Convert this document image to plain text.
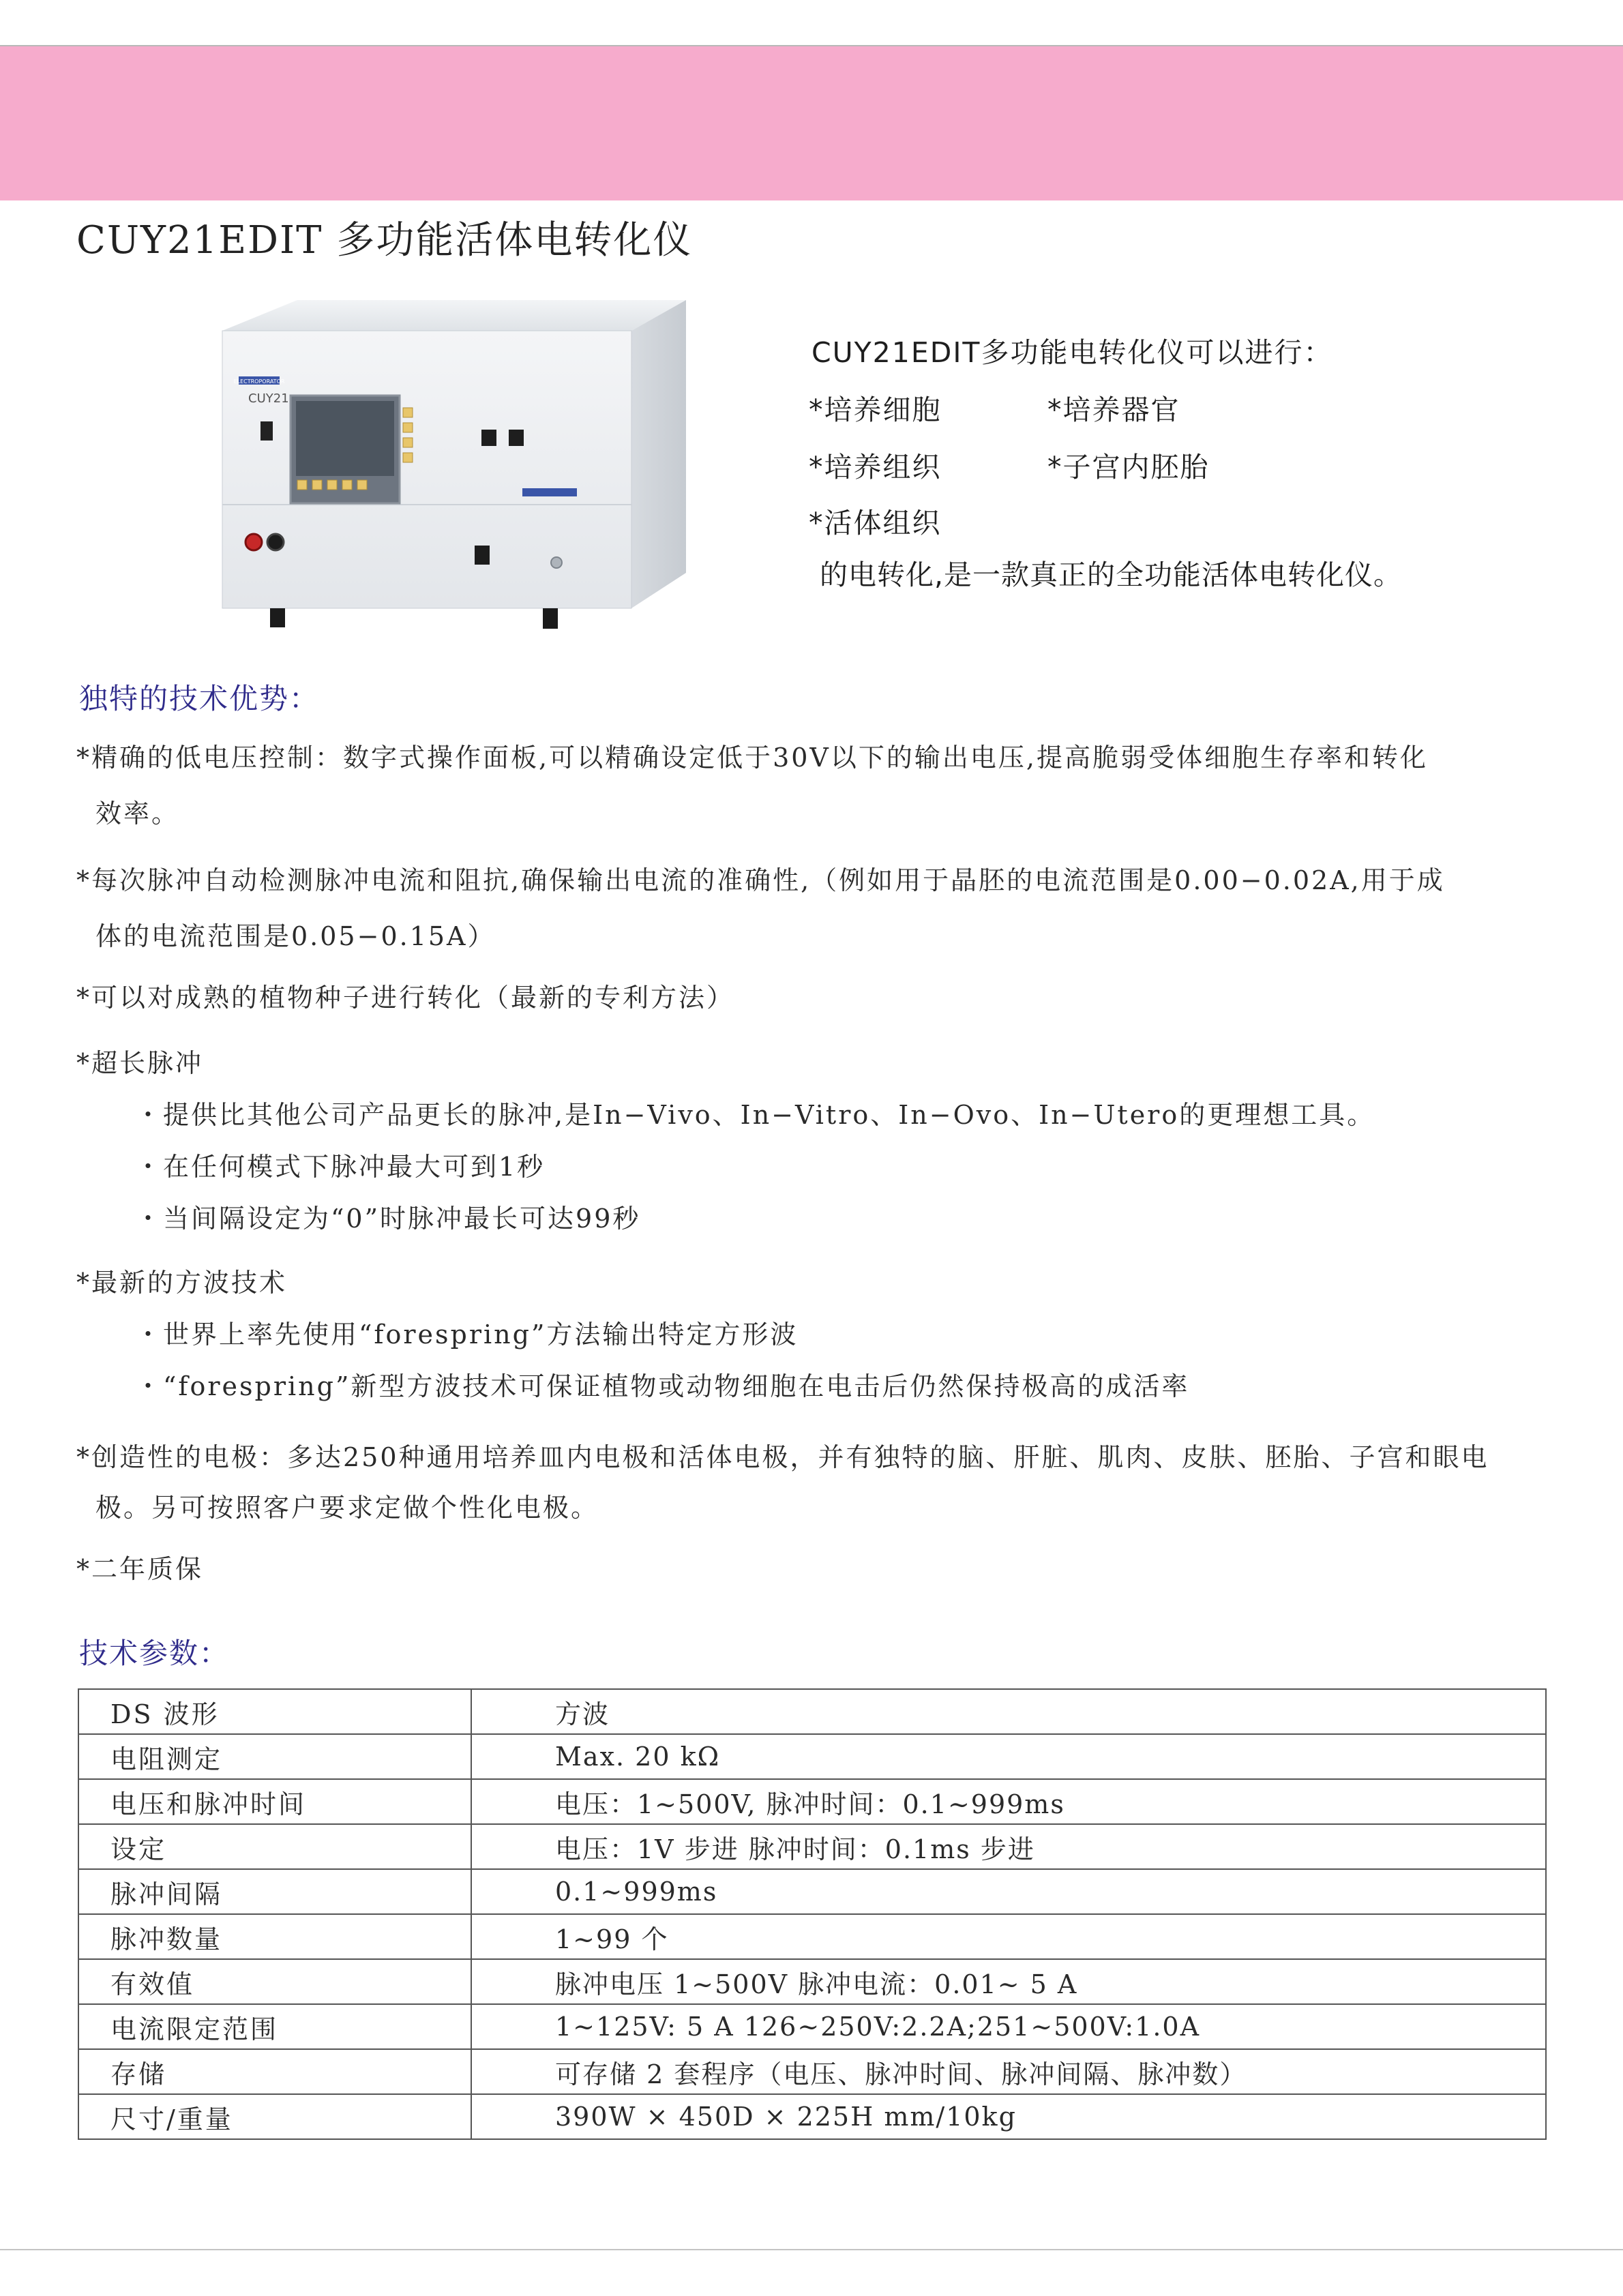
CUY21EDIT 多功能活体电转化仪
ELECTROPORATOR
CUY21
CUY21EDIT多功能电转化仪可以进行：
*培养细胞	*培养器官
*培养组织	*子宫内胚胎
*活体组织
的电转化,是一款真正的全功能活体电转化仪。
独特的技术优势：
*精确的低电压控制：数字式操作面板,可以精确设定低于30V以下的输出电压,提高脆弱受体细胞生存率和转化
效率。
*每次脉冲自动检测脉冲电流和阻抗,确保输出电流的准确性,（例如用于晶胚的电流范围是0.00−0.02A,用于成
体的电流范围是0.05−0.15A）
*可以对成熟的植物种子进行转化（最新的专利方法）
*超长脉冲
・提供比其他公司产品更长的脉冲,是In−Vivo、In−Vitro、In−Ovo、In−Utero的更理想工具。
・在任何模式下脉冲最大可到1秒
・当间隔设定为“0”时脉冲最长可达99秒
*最新的方波技术
・世界上率先使用“forespring”方法输出特定方形波
・“forespring”新型方波技术可保证植物或动物细胞在电击后仍然保持极高的成活率
*创造性的电极：多达250种通用培养皿内电极和活体电极，并有独特的脑、肝脏、肌肉、皮肤、胚胎、子宫和眼电
极。另可按照客户要求定做个性化电极。
*二年质保
技术参数：
DS 波形	方波
电阻测定	Max. 20 kΩ
电压和脉冲时间	电压：1~500V, 脉冲时间：0.1~999ms
设定	电压：1V 步进 脉冲时间：0.1ms 步进
脉冲间隔	0.1~999ms
脉冲数量	1~99 个
有效值	脉冲电压 1~500V 脉冲电流：0.01~ 5 A
电流限定范围	1~125V: 5 A 126~250V:2.2A;251~500V:1.0A
存储	可存储 2 套程序（电压、脉冲时间、脉冲间隔、脉冲数）
尺寸/重量	390W × 450D × 225H mm/10kg
